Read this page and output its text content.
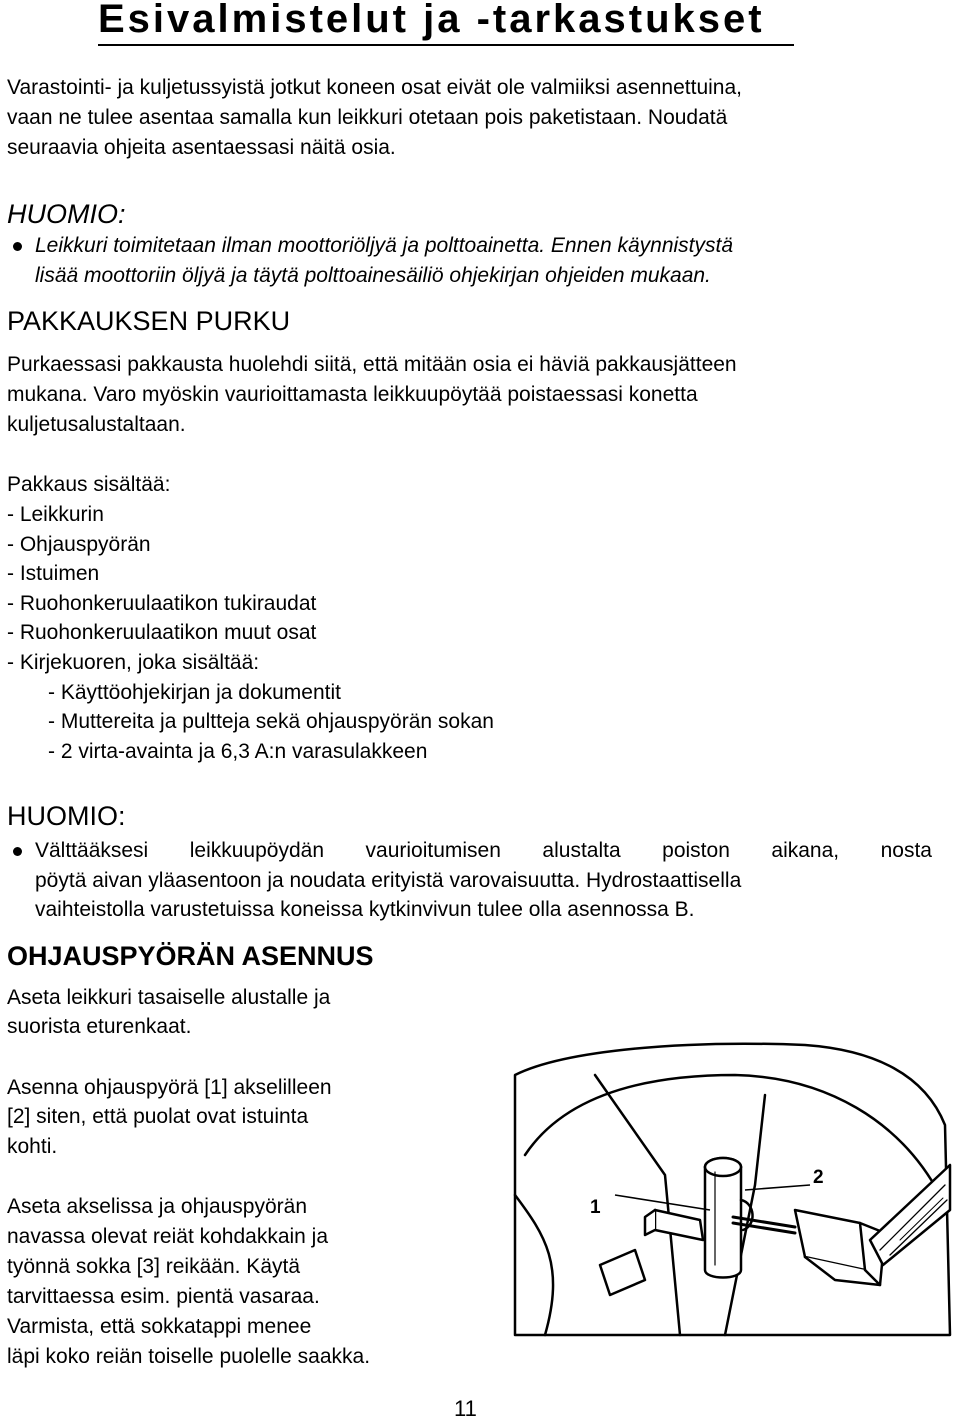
Esivalmistelut ja -tarkastukset

Varastointi- ja kuljetussyistä jotkut koneen osat eivät ole valmiiksi asennettuina,

vaan ne tulee asentaa samalla kun leikkuri otetaan pois paketistaan. Noudatä

seuraavia ohjeita asentaessasi näitä osia.

HUOMIO:

Leikkuri toimitetaan ilman moottoriöljyä ja polttoainetta. Ennen käynnistystä
lisää moottoriin öljyä ja täytä polttoainesäiliö ohjekirjan ohjeiden mukaan.

PAKKAUKSEN PURKU

Purkaessasi pakkausta huolehdi siitä, että mitään osia ei häviä pakkausjätteen

mukana. Varo myöskin vaurioittamasta leikkuupöytää poistaessasi konetta

kuljetusalustaltaan.

Pakkaus sisältää:

- Leikkurin
- Ohjauspyörän
- Istuimen
- Ruohonkeruulaatikon tukiraudat
- Ruohonkeruulaatikon muut osat
- Kirjekuoren, joka sisältää:
- Käyttöohjekirjan ja dokumentit
- Muttereita ja pultteja sekä ohjauspyörän sokan
- 2 virta-avainta ja 6,3 A:n varasulakkeen

HUOMIO:

Välttääksesi leikkuupöydän vaurioitumisen alustalta poiston aikana, nosta
pöytä aivan yläasentoon ja noudata erityistä varovaisuutta. Hydrostaattisella
vaihteistolla varustetuissa koneissa kytkinvivun tulee olla asennossa B.

OHJAUSPYÖRÄN ASENNUS

Aseta leikkuri tasaiselle alustalle ja

suorista eturenkaat.

Asenna ohjauspyörä [1] akselilleen

[2] siten, että puolat ovat istuinta

kohti.

Aseta akselissa ja ohjauspyörän

navassa olevat reiät kohdakkain ja

työnnä sokka [3] reikään. Käytä

tarvittaessa esim. pientä vasaraa.

Varmista, että sokkatappi menee

läpi koko reiän toiselle puolelle saakka.

1
2
11
